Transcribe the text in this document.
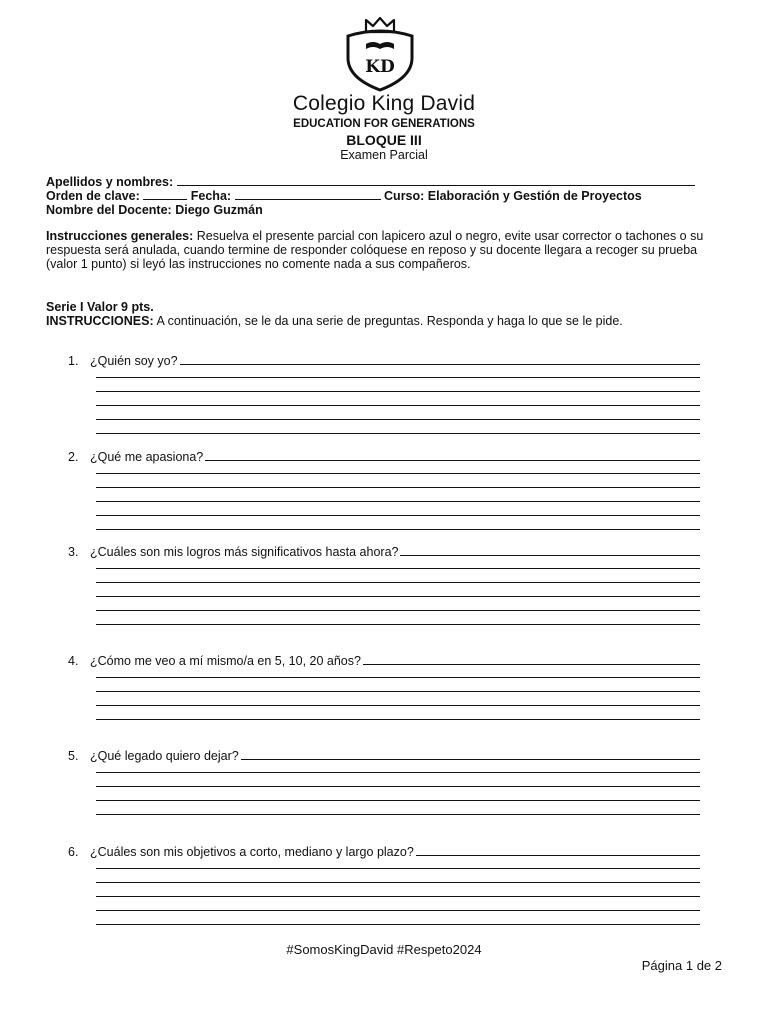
KD
Colegio King David
EDUCATION FOR GENERATIONS
BLOQUE III
Examen Parcial
Apellidos y nombres:
Orden de clave:	Fecha:	Curso: Elaboración y Gestión de Proyectos
Nombre del Docente: Diego Guzmán
Instrucciones generales: Resuelva el presente parcial con lapicero azul o negro, evite usar corrector o tachones o su respuesta será anulada, cuando termine de responder colóquese en reposo y su docente llegara a recoger su prueba (valor 1 punto) si leyó las instrucciones no comente nada a sus compañeros.
Serie I Valor 9 pts.
INSTRUCCIONES: A continuación, se le da una serie de preguntas. Responda y haga lo que se le pide.
1. ¿Quién soy yo?
2. ¿Qué me apasiona?
3. ¿Cuáles son mis logros más significativos hasta ahora?
4. ¿Cómo me veo a mí mismo/a en 5, 10, 20 años?
5. ¿Qué legado quiero dejar?
6. ¿Cuáles son mis objetivos a corto, mediano y largo plazo?
#SomosKingDavid #Respeto2024
Página 1 de 2
